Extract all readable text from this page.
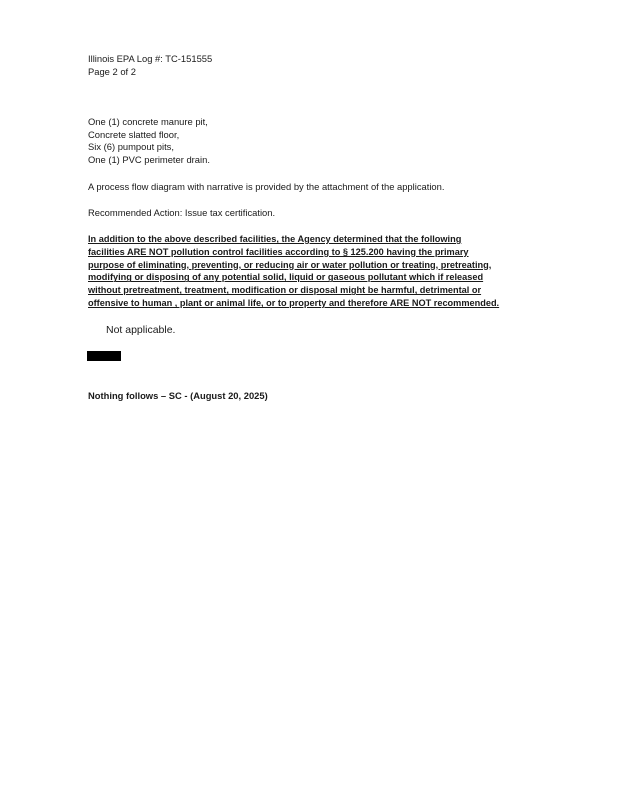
Illinois EPA Log #: TC-151555
Page 2 of 2
One (1) concrete manure pit,
Concrete slatted floor,
Six (6) pumpout pits,
One (1) PVC perimeter drain.
A process flow diagram with narrative is provided by the attachment of the application.
Recommended Action: Issue tax certification.
In addition to the above described facilities, the Agency determined that the following
facilities ARE NOT pollution control facilities according to § 125.200 having the primary
purpose of eliminating, preventing, or reducing air or water pollution or treating, pretreating,
modifying or disposing of any potential solid, liquid or gaseous pollutant which if released
without pretreatment, treatment, modification or disposal might be harmful, detrimental or
offensive to human , plant or animal life, or to property and therefore ARE NOT recommended.
Not applicable.
Nothing follows – SC - (August 20, 2025)
